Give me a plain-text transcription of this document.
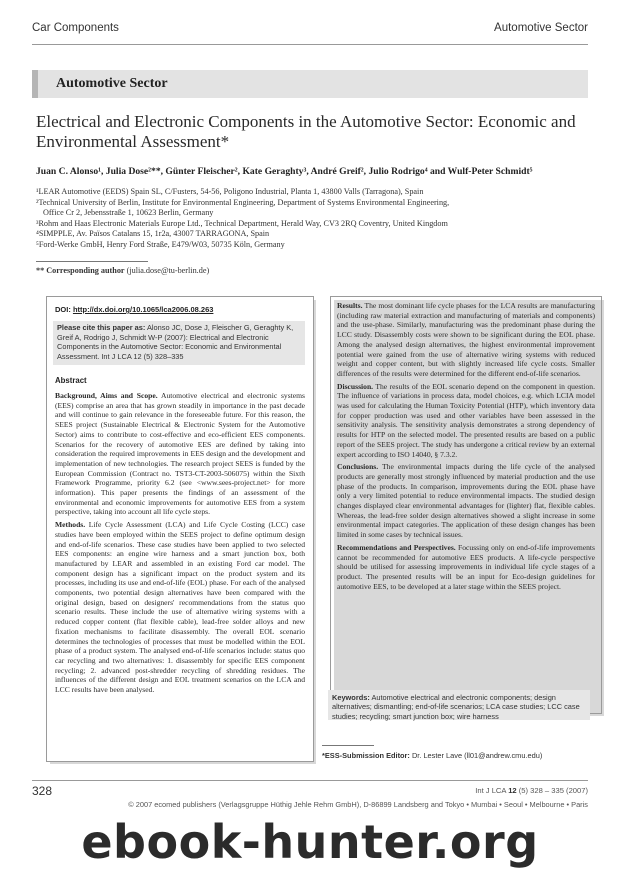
Car Components	Automotive Sector
Automotive Sector
Electrical and Electronic Components in the Automotive Sector: Economic and Environmental Assessment*
Juan C. Alonso¹, Julia Dose²**, Günter Fleischer², Kate Geraghty³, André Greif², Julio Rodrigo⁴ and Wulf-Peter Schmidt⁵
¹LEAR Automotive (EEDS) Spain SL, C/Fusters, 54-56, Poligono Industrial, Planta 1, 43800 Valls (Tarragona), Spain
²Technical University of Berlin, Institute for Environmental Engineering, Department of Systems Environmental Engineering,
Office Cr 2, Jebensstraße 1, 10623 Berlin, Germany
³Rohm and Haas Electronic Materials Europe Ltd., Technical Department, Herald Way, CV3 2RQ Coventry, United Kingdom
⁴SIMPPLE, Av. Països Catalans 15, 1r2a, 43007 TARRAGONA, Spain
⁵Ford-Werke GmbH, Henry Ford Straße, E479/W03, 50735 Köln, Germany
** Corresponding author (julia.dose@tu-berlin.de)
DOI: http://dx.doi.org/10.1065/lca2006.08.263
Please cite this paper as: Alonso JC, Dose J, Fleischer G, Geraghty K, Greif A, Rodrigo J, Schmidt W-P (2007): Electrical and Electronic Components in the Automotive Sector: Economic and Environmental Assessment. Int J LCA 12 (5) 328–335
Abstract

Background, Aims and Scope. Automotive electrical and electronic systems (EES) comprise an area that has grown steadily in importance in the past decade and will continue to gain relevance in the foreseeable future. For this reason, the SEES project (Sustainable Electrical & Electronic System for the Automotive Sector) aims to contribute to cost-effective and eco-efficient EES components. Scenarios for the recovery of automotive EES are defined by taking into consideration the required improvements in EES design and the development and implementation of new technologies. The research project SEES is funded by the European Commission (Contract no. TST3-CT-2003-506075) within the Sixth Framework Programme, priority 6.2 (see <www.sees-project.net> for more information). This paper presents the findings of an assessment of the environmental and economic improvements for automotive EES from a system perspective, taking into account all life cycle steps.

Methods. Life Cycle Assessment (LCA) and Life Cycle Costing (LCC) case studies have been employed within the SEES project to define optimum design and end-of-life scenarios. These case studies have been applied to two selected EES components: an engine wire harness and a smart junction box, both manufactured by LEAR and assembled in an existing Ford car model. The component design has a significant impact on the product system and its processes, including its use and end-of-life (EOL) phase. For each of the analysed components, two potential design alternatives have been compared with the original design, based on designers' recommendations from the status quo scenario results. These include the use of alternative wiring systems with a reduced copper content (flat flexible cable), lead-free solder alloys and new fixation mechanisms to facilitate disassembly. The overall EOL scenario determines the technologies of processes that must be modelled within the EOL phase of a product system. The analysed end-of-life scenarios include: status quo car recycling and two alternatives: 1. disassembly for specific EES component recycling; 2. advanced post-shredder recycling of shredding residues. The influences of the different design and EOL treatment scenarios on the LCA and LCC results have been analysed.

Results. The most dominant life cycle phases for the LCA results are manufacturing (including raw material extraction and manufacturing of materials and components) and the use-phase. Similarly, manufacturing was the predominant phase during the LCC study. Disassembly costs were shown to be significant during the EOL phase. Among the analysed design alternatives, the highest environmental improvement potential were gained from the use of alternative wiring systems with reduced weight and copper content, but with slightly increased life cycle costs. Smaller differences of the results were determined for the different end-of-life scenarios.

Discussion. The results of the EOL scenario depend on the component in question. The influence of variations in process data, model choices, e.g. which LCIA model was used for calculating the Human Toxicity Potential (HTP), which inventory data for copper production was used and other variables have been assessed in the sensitivity analysis. The sensitivity analysis demonstrates a strong dependency of results for HTP on the selected model. The presented results are based on a public report of the SEES project. The study has undergone a critical review by an external expert according to ISO 14040, § 7.3.2.

Conclusions. The environmental impacts during the life cycle of the analysed products are generally most strongly influenced by material production and the use phase of the products. In comparison, improvements during the EOL phase have only a very limited potential to reduce environmental impacts. The studied design changes displayed clear environmental advantages for (lighter) flat, flexible cables. Whereas, the lead-free solder design alternatives showed a slight increase in some environmental impact categories. The application of these design changes has been limited in some cases by technical issues.

Recommendations and Perspectives. Focussing only on end-of-life improvements cannot be recommended for automotive EES products. A life-cycle perspective should be utilised for assessing improvements in individual life cycle stages of a product. The presented results will be an input for Eco-design guidelines for automotive EES, to be developed at a later stage within the SEES project.

Keywords: Automotive electrical and electronic components; design alternatives; dismantling; end-of-life scenarios; LCA case studies; LCC case studies; recycling; smart junction box; wire harness
*ESS-Submission Editor: Dr. Lester Lave (ll01@andrew.cmu.edu)
328	Int J LCA 12 (5) 328 – 335 (2007)
© 2007 ecomed publishers (Verlagsgruppe Hüthig Jehle Rehm GmbH), D-86899 Landsberg and Tokyo • Mumbai • Seoul • Melbourne • Paris
ebook-hunter.org
